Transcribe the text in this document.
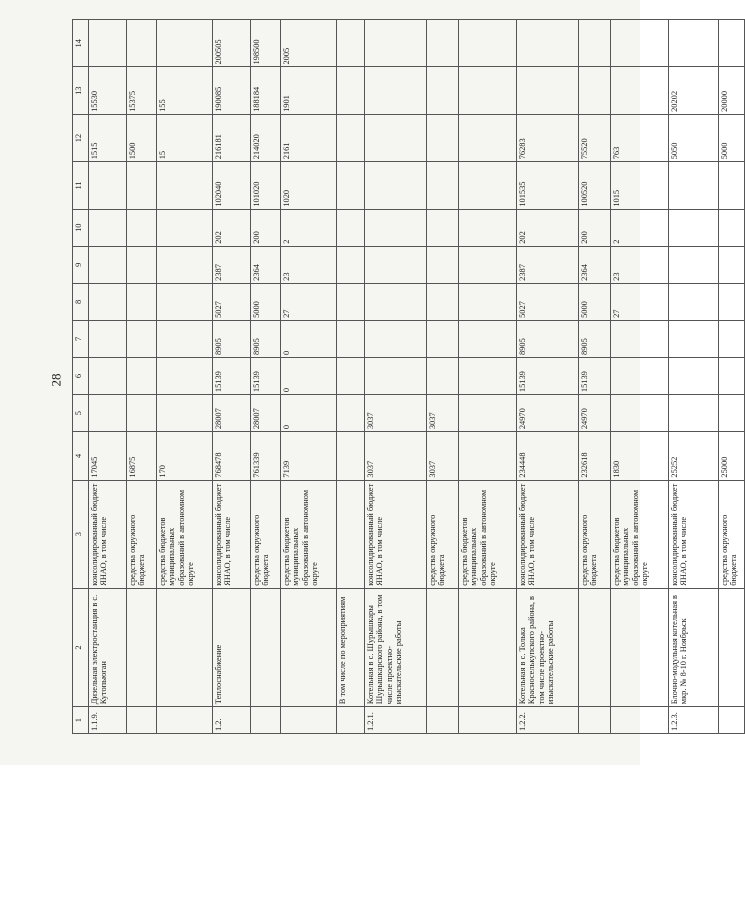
28
1	2	3	4	5	6	7	8	9	10	11	12	13	14
1.1.9.	Дизельная электростанция в с. Кутопьюган	консолидированный бюджет ЯНАО, в том числе	17045								1515	15530	
		средства окружного бюджета	16875								1500	15375	
		средства бюджетов муниципальных образований в автономном округе	170								15	155	
1.2.	Теплоснабжение	консолидированный бюджет ЯНАО, в том числе	768478	28007	15139	8905	5027	2387	202	102040	216181	190085	200505
		средства окружного бюджета	761339	28007	15139	8905	5000	2364	200	101020	214020	188184	198500
		средства бюджетов муниципальных образований в автономном округе	7139	0	0	0	27	23	2	1020	2161	1901	2005
	В том числе по мероприятиям												
1.2.1.	Котельная в с. Шурышкары Шурышкарского района, в том числе проектно-изыскательские работы	консолидированный бюджет ЯНАО, в том числе	3037	3037									
		средства окружного бюджета	3037	3037									
		средства бюджетов муниципальных образований в автономном округе											
1.2.2.	Котельная в с. Толька Красноселькупского района, в том числе проектно-изыскательские работы	консолидированный бюджет ЯНАО, в том числе	234448	24970	15139	8905	5027	2387	202	101535	76283		
		средства окружного бюджета	232618	24970	15139	8905	5000	2364	200	100520	75520		
		средства бюджетов муниципальных образований в автономном округе	1830				27	23	2	1015	763		
1.2.3.	Блочно-модульная котельная в мкр. № 8-10 г. Ноябрьск	консолидированный бюджет ЯНАО, в том числе	25252								5050	20202	
		средства окружного бюджета	25000								5000	20000	
